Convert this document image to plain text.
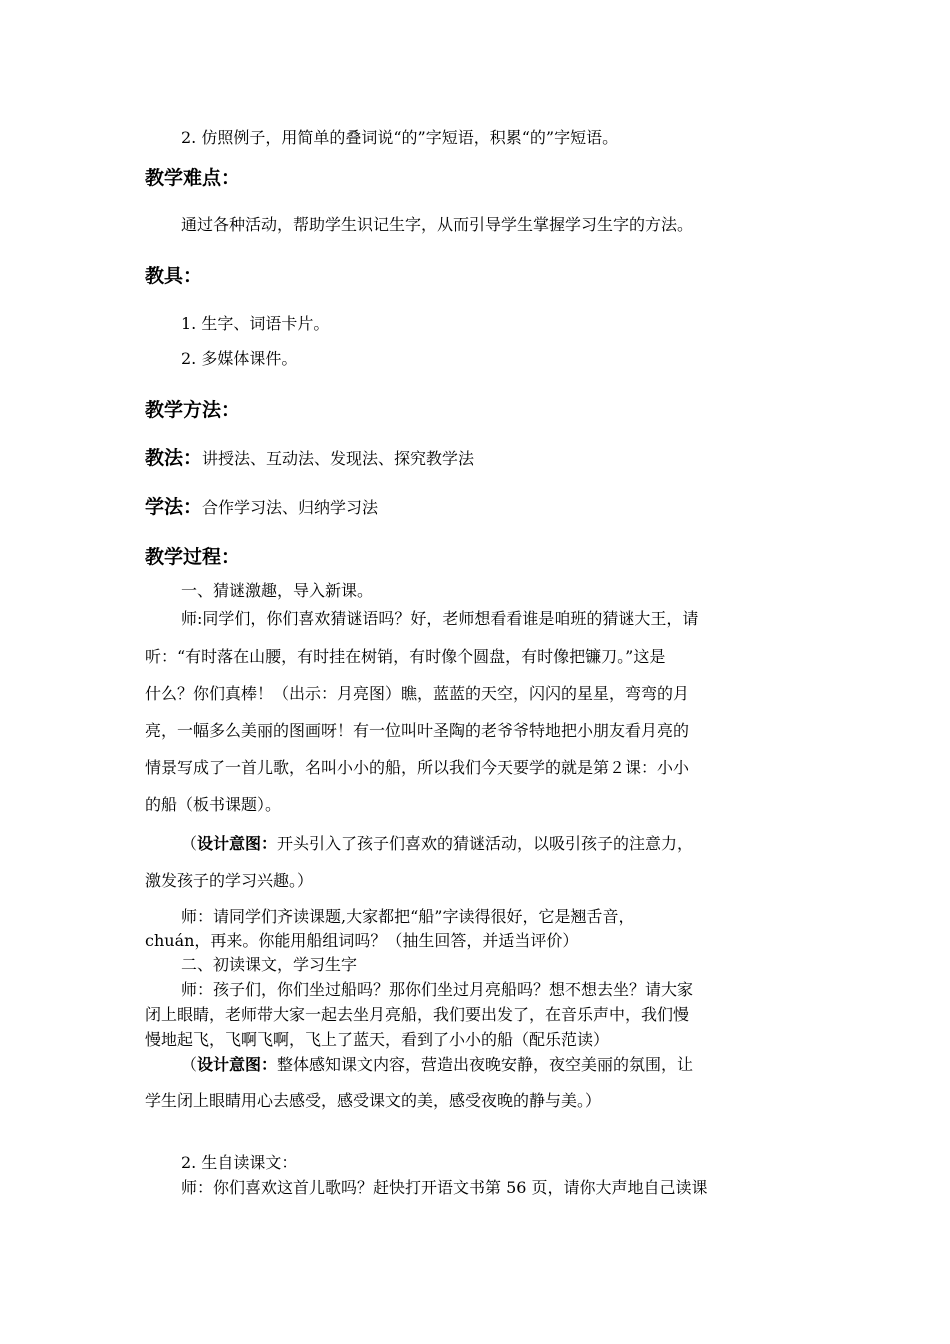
2. 仿照例子，用简单的叠词说“的”字短语，积累“的”字短语。
教学难点：
通过各种活动，帮助学生识记生字，从而引导学生掌握学习生字的方法。
教具：
1. 生字、词语卡片。
2. 多媒体课件。
教学方法：
教法：讲授法、互动法、发现法、探究教学法
学法：合作学习法、归纳学习法
教学过程：
一、猜谜激趣，导入新课。
师:同学们，你们喜欢猜谜语吗？好，老师想看看谁是咱班的猜谜大王，请
听：“有时落在山腰，有时挂在树销，有时像个圆盘，有时像把镰刀。”这是
什么？你们真棒！（出示：月亮图）瞧，蓝蓝的天空，闪闪的星星，弯弯的月
亮，一幅多么美丽的图画呀！有一位叫叶圣陶的老爷爷特地把小朋友看月亮的
情景写成了一首儿歌，名叫小小的船，所以我们今天要学的就是第２课：小小
的船（板书课题）。
（设计意图：开头引入了孩子们喜欢的猜谜活动，以吸引孩子的注意力，
激发孩子的学习兴趣。）
师：请同学们齐读课题,大家都把“船”字读得很好，它是翘舌音，
chuán，再来。你能用船组词吗？（抽生回答，并适当评价）
二、初读课文，学习生字
师：孩子们，你们坐过船吗？那你们坐过月亮船吗？想不想去坐？请大家
闭上眼睛，老师带大家一起去坐月亮船，我们要出发了，在音乐声中，我们慢
慢地起飞，飞啊飞啊，飞上了蓝天，看到了小小的船（配乐范读）
（设计意图：整体感知课文内容，营造出夜晚安静，夜空美丽的氛围，让
学生闭上眼睛用心去感受，感受课文的美，感受夜晚的静与美。）
2. 生自读课文：
师：你们喜欢这首儿歌吗？赶快打开语文书第 56 页，请你大声地自己读课
